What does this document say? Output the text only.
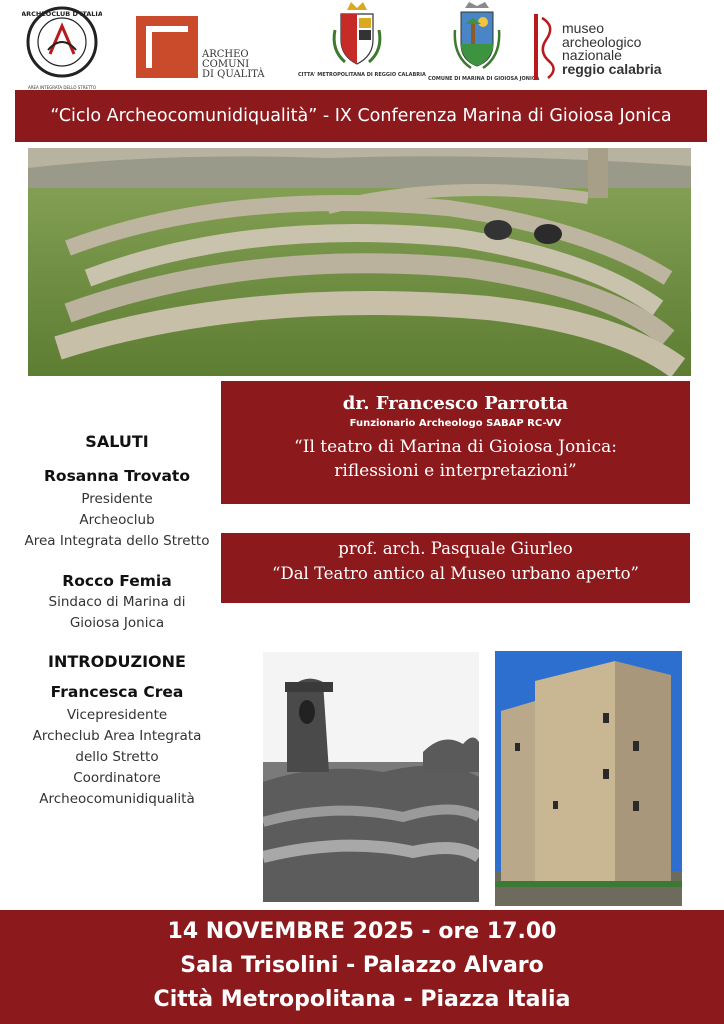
ARCHEOCLUB D'ITALIA
AREA INTEGRATA DELLO STRETTO
ARCHEO
COMUNI
DI QUALITÀ	CITTA' METROPOLITANA DI REGGIO CALABRIA
COMUNE DI MARINA DI GIOIOSA JONICA
museo
archeologico
nazionale
reggio calabria
“Ciclo Archeocomunidiqualità” - IX Conferenza Marina di Gioiosa Jonica
dr. Francesco Parrotta
Funzionario Archeologo SABAP RC-VV
“Il teatro di Marina di Gioiosa Jonica:
riflessioni e interpretazioni”
prof. arch. Pasquale Giurleo
“Dal Teatro antico al Museo urbano aperto”
SALUTI
Rosanna Trovato
Presidente
Archeoclub
Area Integrata dello Stretto
Rocco Femia
Sindaco di Marina di
Gioiosa Jonica
INTRODUZIONE
Francesca Crea
Vicepresidente
Archeclub Area Integrata
dello Stretto
Coordinatore
Archeocomunidiqualità
14 NOVEMBRE 2025 - ore 17.00
Sala Trisolini - Palazzo Alvaro
Città Metropolitana - Piazza Italia
